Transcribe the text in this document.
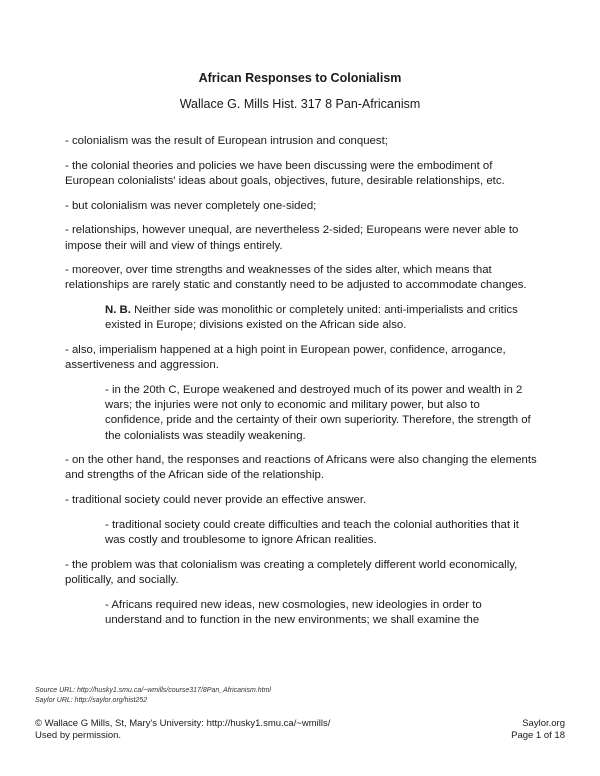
African Responses to Colonialism
Wallace G. Mills Hist. 317 8 Pan-Africanism

- colonialism was the result of European intrusion and conquest;

- the colonial theories and policies we have been discussing were the embodiment of European colonialists' ideas about goals, objectives, future, desirable relationships, etc.

- but colonialism was never completely one-sided;

- relationships, however unequal, are nevertheless 2-sided; Europeans were never able to impose their will and view of things entirely.

- moreover, over time strengths and weaknesses of the sides alter, which means that relationships are rarely static and constantly need to be adjusted to accommodate changes.

N. B. Neither side was monolithic or completely united: anti-imperialists and critics existed in Europe; divisions existed on the African side also.

- also, imperialism happened at a high point in European power, confidence, arrogance, assertiveness and aggression.

- in the 20th C, Europe weakened and destroyed much of its power and wealth in 2 wars; the injuries were not only to economic and military power, but also to confidence, pride and the certainty of their own superiority. Therefore, the strength of the colonialists was steadily weakening.

- on the other hand, the responses and reactions of Africans were also changing the elements and strengths of the African side of the relationship.

- traditional society could never provide an effective answer.

- traditional society could create difficulties and teach the colonial authorities that it was costly and troublesome to ignore African realities.

- the problem was that colonialism was creating a completely different world economically, politically, and socially.

- Africans required new ideas, new cosmologies, new ideologies in order to understand and to function in the new environments; we shall examine the

Source URL: http://husky1.smu.ca/~wmills/course317/8Pan_Africanism.html
Saylor URL: http://saylor.org/hist252
© Wallace G Mills, St, Mary's University: http://husky1.smu.ca/~wmills/
Used by permission.
Saylor.org
Page 1 of 18
